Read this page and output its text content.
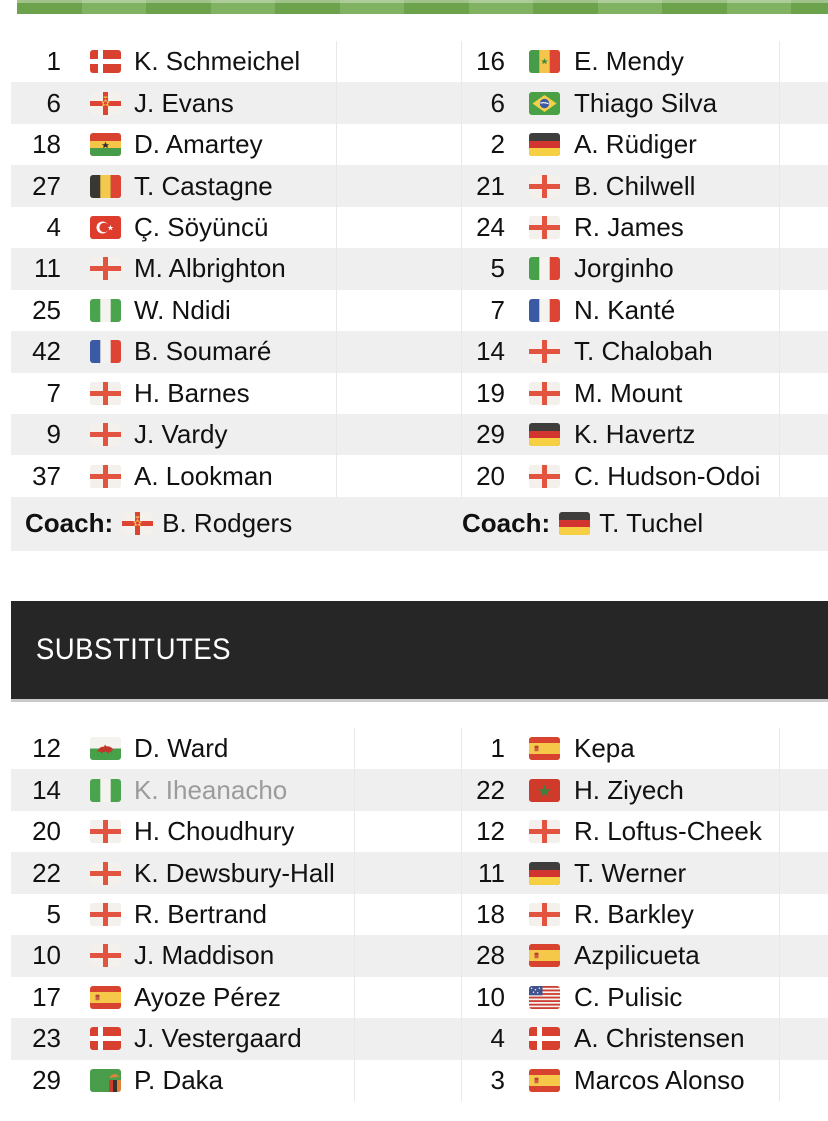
1	K. Schmeichel	16	E. Mendy
6	J. Evans	6	Thiago Silva
18	D. Amartey	2	A. Rüdiger
27	T. Castagne	21	B. Chilwell
4	Ç. Söyüncü	24	R. James
11	M. Albrighton	5	Jorginho
25	W. Ndidi	7	N. Kanté
42	B. Soumaré	14	T. Chalobah
7	H. Barnes	19	M. Mount
9	J. Vardy	29	K. Havertz
37	A. Lookman	20	C. Hudson-Odoi
Coach: B. Rodgers	Coach: T. Tuchel
SUBSTITUTES
12	D. Ward	1	Kepa
14	K. Iheanacho	22	H. Ziyech
20	H. Choudhury	12	R. Loftus-Cheek
22	K. Dewsbury-Hall	11	T. Werner
5	R. Bertrand	18	R. Barkley
10	J. Maddison	28	Azpilicueta
17	Ayoze Pérez	10	C. Pulisic
23	J. Vestergaard	4	A. Christensen
29	P. Daka	3	Marcos Alonso
